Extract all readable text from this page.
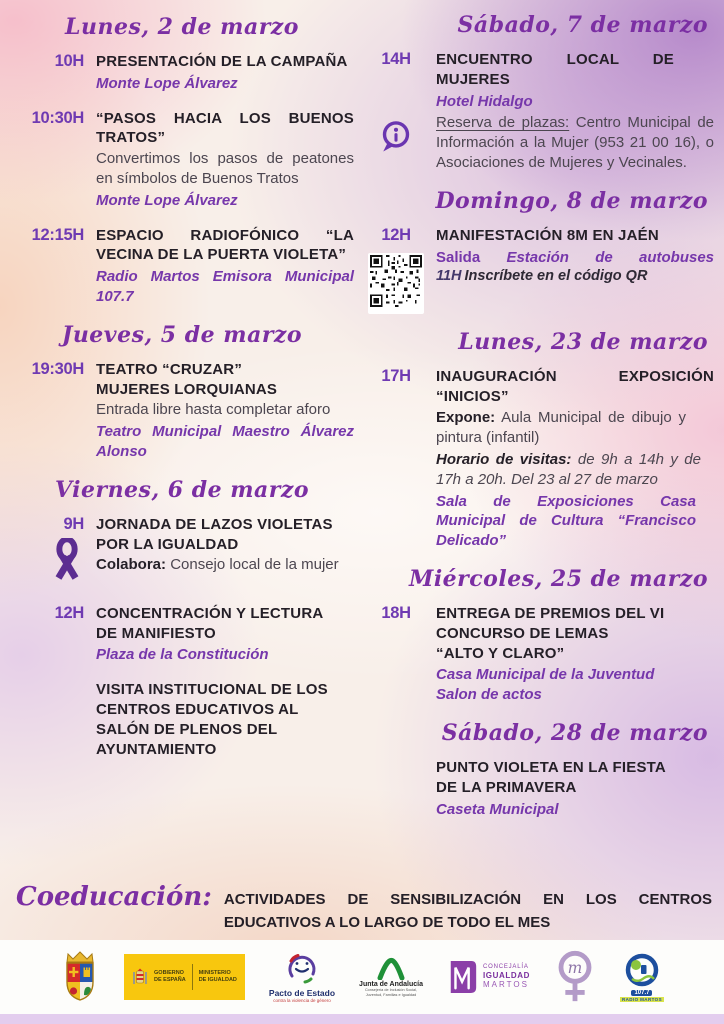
Lunes, 2 de marzo
10H PRESENTACIÓN DE LA CAMPAÑA
Monte Lope Álvarez
10:30H “PASOS HACIA LOS BUENOS TRATOS”
Convertimos los pasos de peatones en símbolos de Buenos Tratos
Monte Lope Álvarez
12:15H ESPACIO RADIOFÓNICO “LA VECINA DE LA PUERTA VIOLETA”
Radio Martos Emisora Municipal 107.7
Jueves, 5 de marzo
19:30H TEATRO “CRUZAR”
MUJERES LORQUIANAS
Entrada libre hasta completar aforo
Teatro Municipal Maestro Álvarez Alonso
Viernes, 6 de marzo
9H JORNADA DE LAZOS VIOLETAS POR LA IGUALDAD

Colabora: Consejo local de la mujer

12H CONCENTRACIÓN Y LECTURA DE MANIFIESTO
Plaza de la Constitución
VISITA INSTITUCIONAL DE LOS CENTROS EDUCATIVOS AL SALÓN DE PLENOS DEL AYUNTAMIENTO
Sábado, 7 de marzo
14H	ENCUENTRO LOCAL DE MUJERES
Hotel Hidalgo

Reserva de plazas: Centro Municipal de Información a la Mujer (953 21 00 16), o Asociaciones de Mujeres y Vecinales.

Domingo, 8 de marzo
12H	MANIFESTACIÓN 8M EN JAÉN
Salida Estación de autobuses
11H Inscríbete en el código QR
Lunes, 23 de marzo
17H	INAUGURACIÓN EXPOSICIÓN “INICIOS”

Expone: Aula Municipal de dibujo y pintura (infantil)

Horario de visitas: de 9h a 14h y de 17h a 20h. Del 23 al 27 de marzo

Sala de Exposiciones Casa Municipal de Cultura “Francisco Delicado”
Miércoles, 25 de marzo
18H	ENTREGA DE PREMIOS DEL VI CONCURSO DE LEMAS
“ALTO Y CLARO”
Casa Municipal de la Juventud
Salon de actos
Sábado, 28 de marzo
PUNTO VIOLETA EN LA FIESTA DE LA PRIMAVERA
Caseta Municipal
Coeducación: ACTIVIDADES DE SENSIBILIZACIÓN EN LOS CENTROS EDUCATIVOS A LO LARGO DE TODO EL MES
GOBIERNO
DE ESPAÑA
MINISTERIO
DE IGUALDAD
Pacto de Estado
contra la violencia de género
Junta de Andalucía
Consejería de Inclusión Social,
Juventud, Familias e Igualdad
CONCEJALÍA
IGUALDAD
MARTOS
m
107.7
RADIO MARTOS
